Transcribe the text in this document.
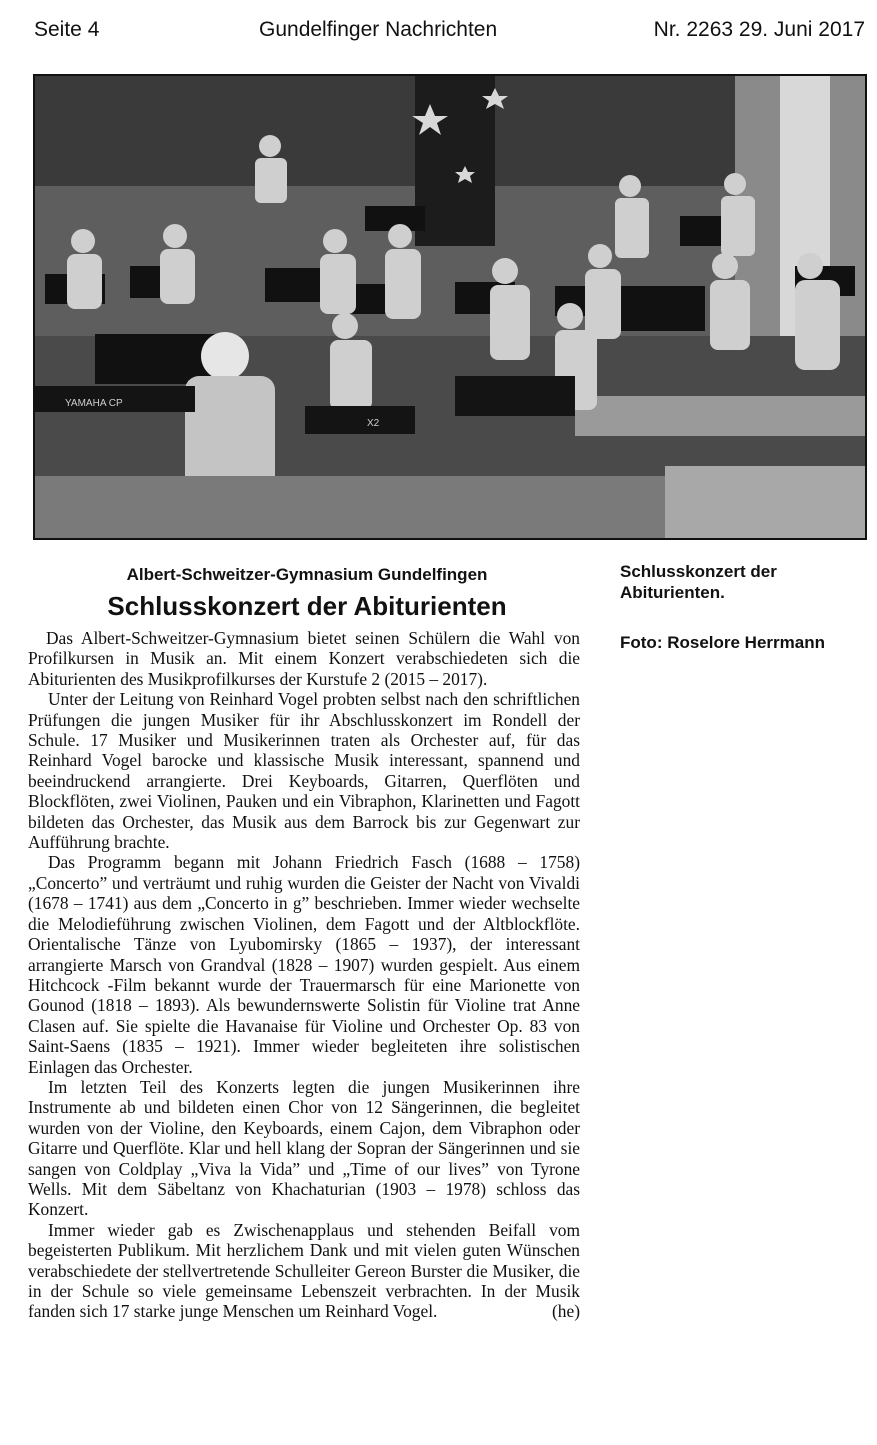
Seite 4	Gundelfinger Nachrichten	Nr. 2263 29. Juni 2017
YAMAHA CP
X2
Albert-Schweitzer-Gymnasium Gundelfingen
Schlusskonzert der Abiturienten

Das Albert-Schweitzer-Gymnasium bietet seinen Schülern die Wahl von Profilkursen in Musik an. Mit einem Konzert verabschiedeten sich die Abiturienten des Musikprofilkurses der Kurstufe 2 (2015 – 2017).

Unter der Leitung von Reinhard Vogel probten selbst nach den schriftlichen Prüfungen die jungen Musiker für ihr Abschlusskonzert im Rondell der Schule. 17 Musiker und Musikerinnen traten als Orchester auf, für das Reinhard Vogel barocke und klassische Musik interessant, spannend und beeindruckend arrangierte. Drei Keyboards, Gitarren, Querflöten und Blockflöten, zwei Violinen, Pauken und ein Vibraphon, Klarinetten und Fagott bildeten das Orchester, das Musik aus dem Barrock bis zur Gegenwart zur Aufführung brachte.

Das Programm begann mit Johann Friedrich Fasch (1688 – 1758) „Concerto” und verträumt und ruhig wurden die Geister der Nacht von Vivaldi (1678 – 1741) aus dem „Concerto in g” beschrieben. Immer wieder wechselte die Melodieführung zwischen Violinen, dem Fagott und der Altblockflöte. Orientalische Tänze von Lyubomirsky (1865 – 1937), der interessant arrangierte Marsch von Grandval (1828 – 1907) wurden gespielt. Aus einem Hitchcock -Film bekannt wurde der Trauermarsch für eine Marionette von Gounod (1818 – 1893). Als bewundernswerte Solistin für Violine trat Anne Clasen auf. Sie spielte die Havanaise für Violine und Orchester Op. 83 von Saint-Saens (1835 – 1921). Immer wieder begleiteten ihre solistischen Einlagen das Orchester.

Im letzten Teil des Konzerts legten die jungen Musikerinnen ihre Instrumente ab und bildeten einen Chor von 12 Sängerinnen, die begleitet wurden von der Violine, den Keyboards, einem Cajon, dem Vibraphon oder Gitarre und Querflöte. Klar und hell klang der Sopran der Sängerinnen und sie sangen von Coldplay „Viva la Vida” und „Time of our lives” von Tyrone Wells. Mit dem Säbeltanz von Khachaturian (1903 – 1978) schloss das Konzert.

Immer wieder gab es Zwischenapplaus und stehenden Beifall vom begeisterten Publikum. Mit herzlichem Dank und mit vielen guten Wünschen verabschiedete der stellvertretende Schulleiter Gereon Burster die Musiker, die in der Schule so viele gemeinsame Lebenszeit verbrachten. In der Musik fanden sich 17 starke junge Menschen um Reinhard Vogel.	(he)

Schlusskonzert der Abiturienten.
Foto: Roselore Herrmann
